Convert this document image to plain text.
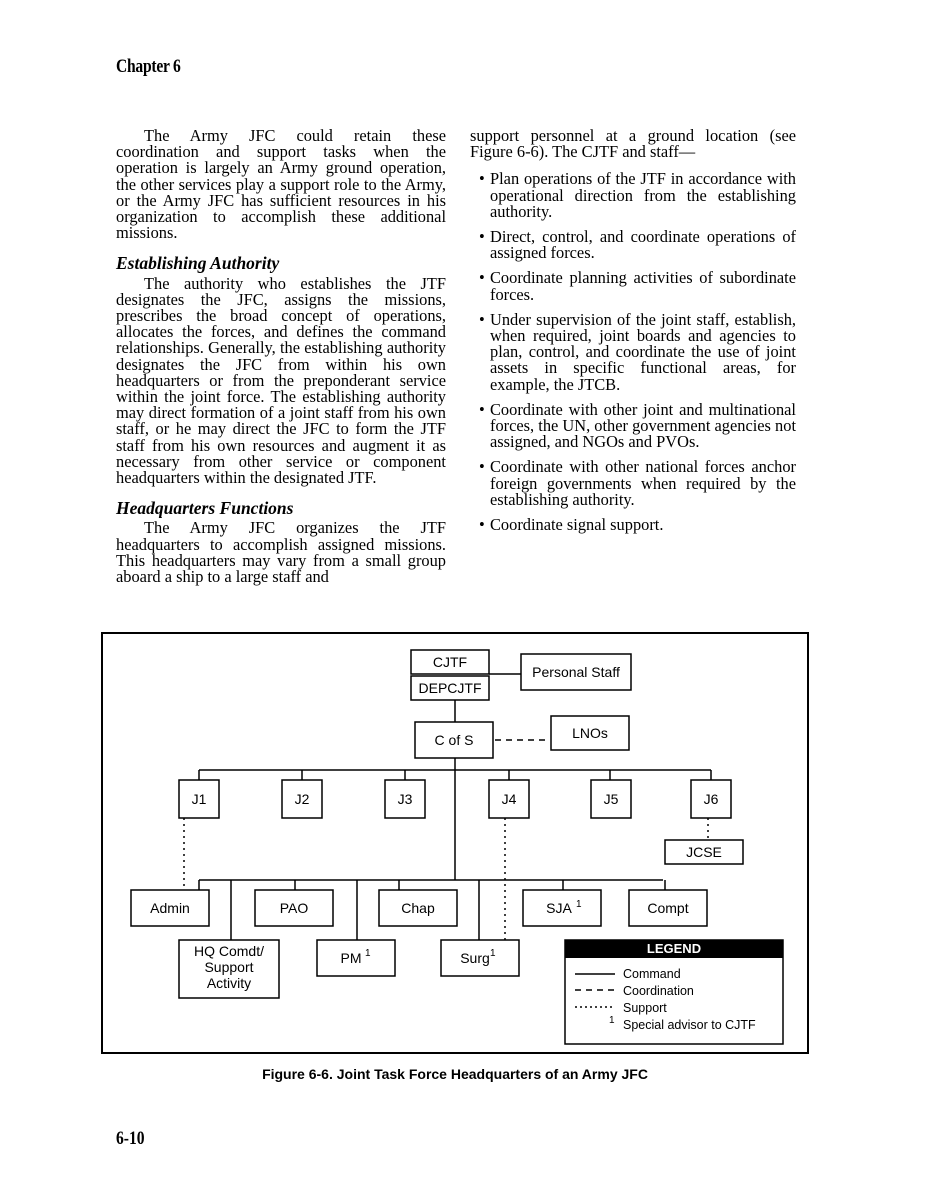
Chapter 6

The Army JFC could retain these coordination and support tasks when the operation is largely an Army ground operation, the other services play a support role to the Army, or the Army JFC has sufficient resources in his organization to accomplish these additional missions.

Establishing Authority

The authority who establishes the JTF designates the JFC, assigns the missions, prescribes the broad concept of operations, allocates the forces, and defines the command relationships. Generally, the establishing authority designates the JFC from within his own headquarters or from the preponderant service within the joint force. The establishing authority may direct formation of a joint staff from his own staff, or he may direct the JFC to form the JTF staff from his own resources and augment it as necessary from other service or component headquarters within the designated JTF.

Headquarters Functions

The Army JFC organizes the JTF headquarters to accomplish assigned missions. This headquarters may vary from a small group aboard a ship to a large staff and

support personnel at a ground location (see Figure 6-6). The CJTF and staff—

• Plan operations of the JTF in accordance with operational direction from the establishing authority.
• Direct, control, and coordinate operations of assigned forces.
• Coordinate planning activities of subordinate forces.
• Under supervision of the joint staff, establish, when required, joint boards and agencies to plan, control, and coordinate the use of joint assets in specific functional areas, for example, the JTCB.
• Coordinate with other joint and multinational forces, the UN, other government agencies not assigned, and NGOs and PVOs.
• Coordinate with other national forces anchor foreign governments when required by the establishing authority.
• Coordinate signal support.
CJTF
DEPCJTF
Personal Staff
C of S	LNOs
J1	J2	J3	J4	J5	J6
JCSE
Admin	PAO	Chap	SJA	Compt
HQ Comdt/
Support
Activity
PM	Surg
1
1	1	LEGEND
Command
Coordination
Support
1 Special advisor to CJTF
Figure 6-6. Joint Task Force Headquarters of an Army JFC
6-10
